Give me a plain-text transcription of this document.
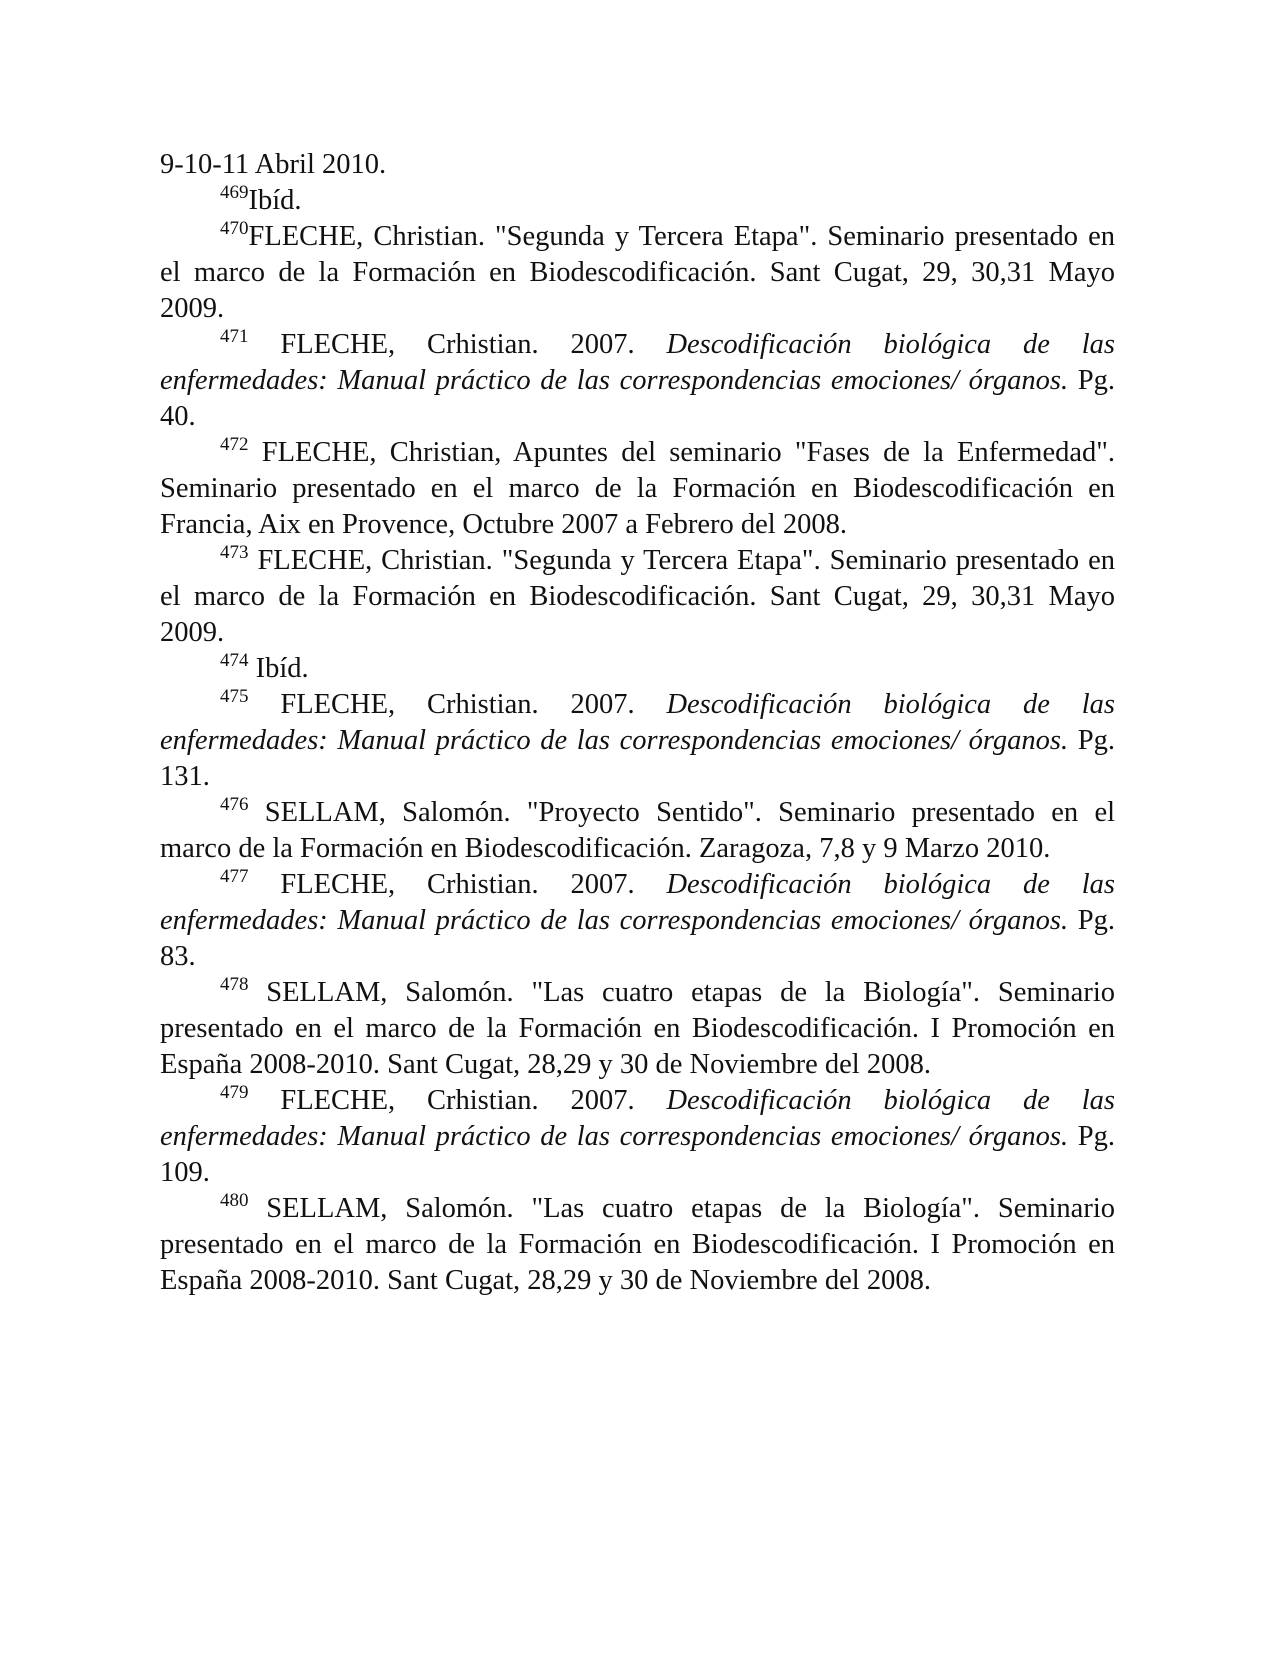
9-10-11 Abril 2010.

$^{469}$Ibíd.

$^{470}$FLECHE, Christian. "Segunda y Tercera Etapa". Seminario presentado en el marco de la Formación en Biodescodificación. Sant Cugat, 29, 30,31 Mayo 2009.

$^{471}$ FLECHE, Crhistian. 2007. Descodificación biológica de las enfermedades: Manual práctico de las correspondencias emociones/ órganos. Pg. 40.

$^{472}$ FLECHE, Christian, Apuntes del seminario "Fases de la Enfermedad". Seminario presentado en el marco de la Formación en Biodescodificación en Francia, Aix en Provence, Octubre 2007 a Febrero del 2008.

$^{473}$ FLECHE, Christian. "Segunda y Tercera Etapa". Seminario presentado en el marco de la Formación en Biodescodificación. Sant Cugat, 29, 30,31 Mayo 2009.

$^{474}$ Ibíd.

$^{475}$ FLECHE, Crhistian. 2007. Descodificación biológica de las enfermedades: Manual práctico de las correspondencias emociones/ órganos. Pg. 131.

$^{476}$ SELLAM, Salomón. "Proyecto Sentido". Seminario presentado en el marco de la Formación en Biodescodificación. Zaragoza, 7,8 y 9 Marzo 2010.

$^{477}$ FLECHE, Crhistian. 2007. Descodificación biológica de las enfermedades: Manual práctico de las correspondencias emociones/ órganos. Pg. 83.

$^{478}$ SELLAM, Salomón. "Las cuatro etapas de la Biología". Seminario presentado en el marco de la Formación en Biodescodificación. I Promoción en España 2008-2010. Sant Cugat, 28,29 y 30 de Noviembre del 2008.

$^{479}$ FLECHE, Crhistian. 2007. Descodificación biológica de las enfermedades: Manual práctico de las correspondencias emociones/ órganos. Pg. 109.

$^{480}$ SELLAM, Salomón. "Las cuatro etapas de la Biología". Seminario presentado en el marco de la Formación en Biodescodificación. I Promoción en España 2008-2010. Sant Cugat, 28,29 y 30 de Noviembre del 2008.
